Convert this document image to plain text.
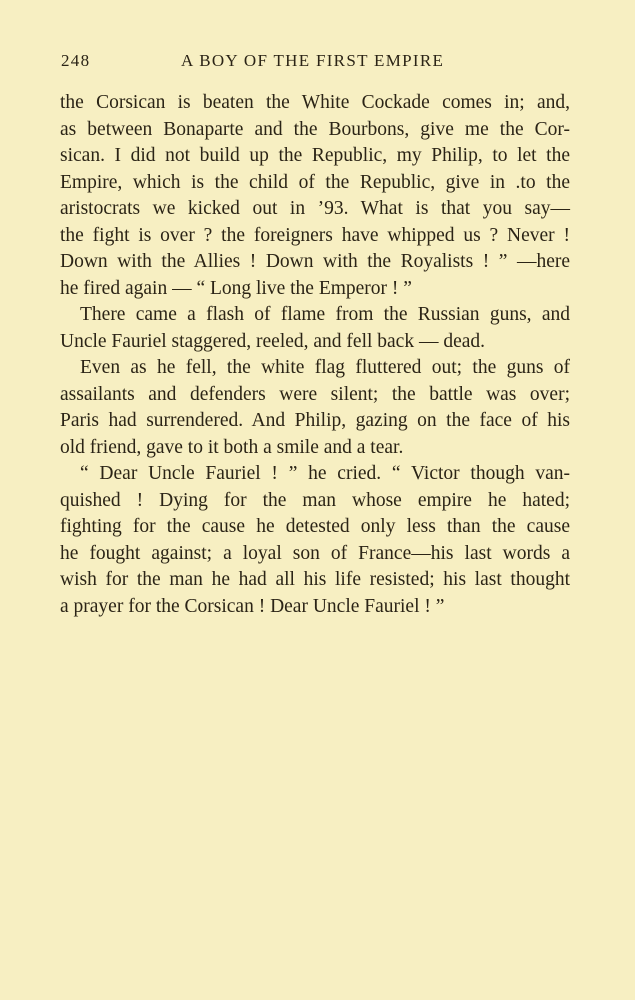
248	A BOY OF THE FIRST EMPIRE
the Corsican is beaten the White Cockade comes in; and,
as between Bonaparte and the Bourbons, give me the Cor-
sican. I did not build up the Republic, my Philip, to let the
Empire, which is the child of the Republic, give in .to the
aristocrats we kicked out in ’93. What is that you say—
the fight is over ? the foreigners have whipped us ? Never !
Down with the Allies ! Down with the Royalists ! ” —here
he fired again — “ Long live the Emperor ! ”
There came a flash of flame from the Russian guns, and
Uncle Fauriel staggered, reeled, and fell back — dead.
Even as he fell, the white flag fluttered out; the guns of
assailants and defenders were silent; the battle was over;
Paris had surrendered. And Philip, gazing on the face of his
old friend, gave to it both a smile and a tear.
“ Dear Uncle Fauriel ! ” he cried. “ Victor though van-
quished ! Dying for the man whose empire he hated;
fighting for the cause he detested only less than the cause
he fought against; a loyal son of France—his last words a
wish for the man he had all his life resisted; his last thought
a prayer for the Corsican ! Dear Uncle Fauriel ! ”
